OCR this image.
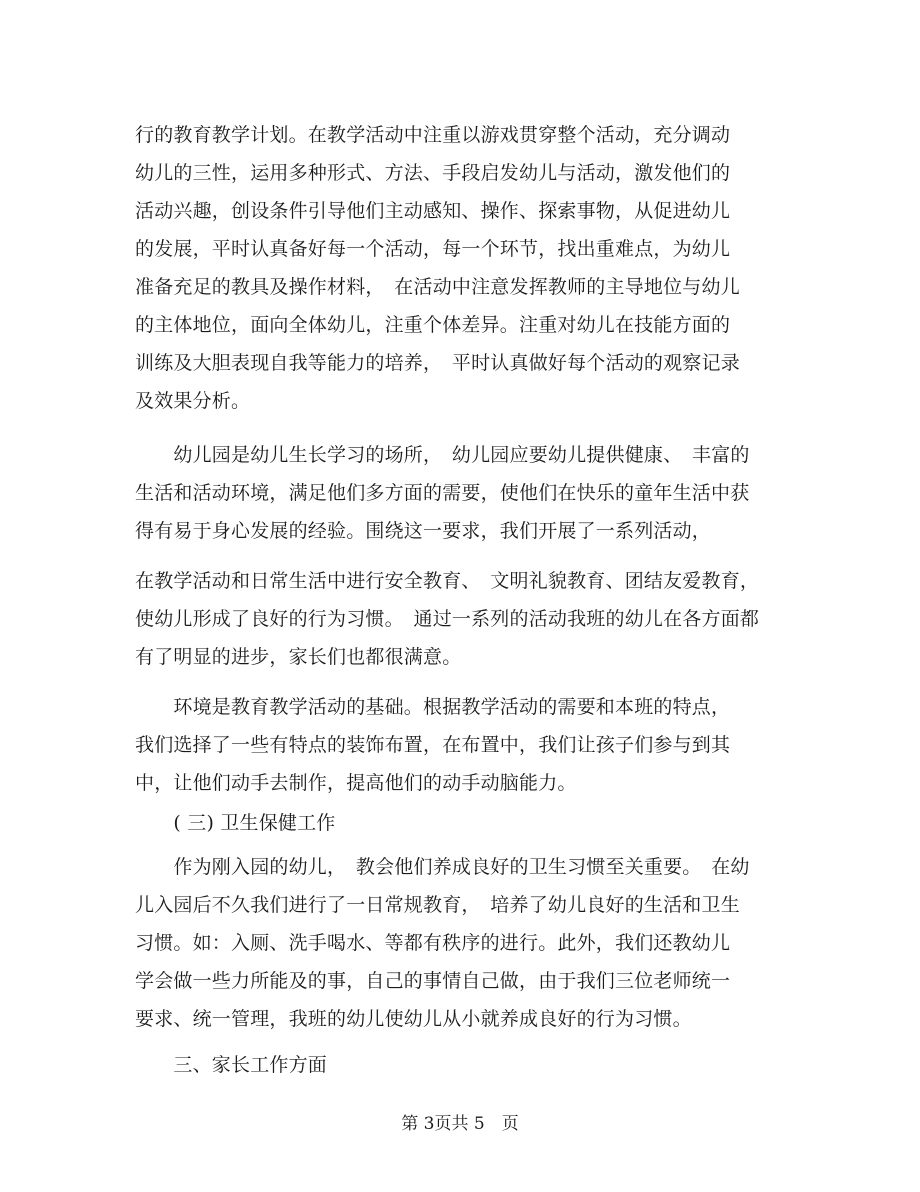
行的教育教学计划。在教学活动中注重以游戏贯穿整个活动，充分调动
幼儿的三性，运用多种形式、方法、手段启发幼儿与活动，激发他们的
活动兴趣，创设条件引导他们主动感知、操作、探索事物，从促进幼儿
的发展，平时认真备好每一个活动，每一个环节，找出重难点，为幼儿
准备充足的教具及操作材料，　在活动中注意发挥教师的主导地位与幼儿
的主体地位，面向全体幼儿，注重个体差异。注重对幼儿在技能方面的
训练及大胆表现自我等能力的培养，　平时认真做好每个活动的观察记录
及效果分析。
　　幼儿园是幼儿生长学习的场所，　幼儿园应要幼儿提供健康、　丰富的
生活和活动环境，满足他们多方面的需要，使他们在快乐的童年生活中获
得有易于身心发展的经验。围绕这一要求，我们开展了一系列活动，
在教学活动和日常生活中进行安全教育、　文明礼貌教育、团结友爱教育，
使幼儿形成了良好的行为习惯。　通过一系列的活动我班的幼儿在各方面都
有了明显的进步，家长们也都很满意。
　　环境是教育教学活动的基础。根据教学活动的需要和本班的特点，
我们选择了一些有特点的装饰布置，在布置中，我们让孩子们参与到其
中，让他们动手去制作，提高他们的动手动脑能力。
　　( 三) 卫生保健工作
　　作为刚入园的幼儿，　教会他们养成良好的卫生习惯至关重要。　在幼
儿入园后不久我们进行了一日常规教育，　培养了幼儿良好的生活和卫生
习惯。如：入厕、洗手喝水、等都有秩序的进行。此外，我们还教幼儿
学会做一些力所能及的事，自己的事情自己做，由于我们三位老师统一
要求、统一管理，我班的幼儿使幼儿从小就养成良好的行为习惯。
　　三、家长工作方面
第 3页共 5　页
